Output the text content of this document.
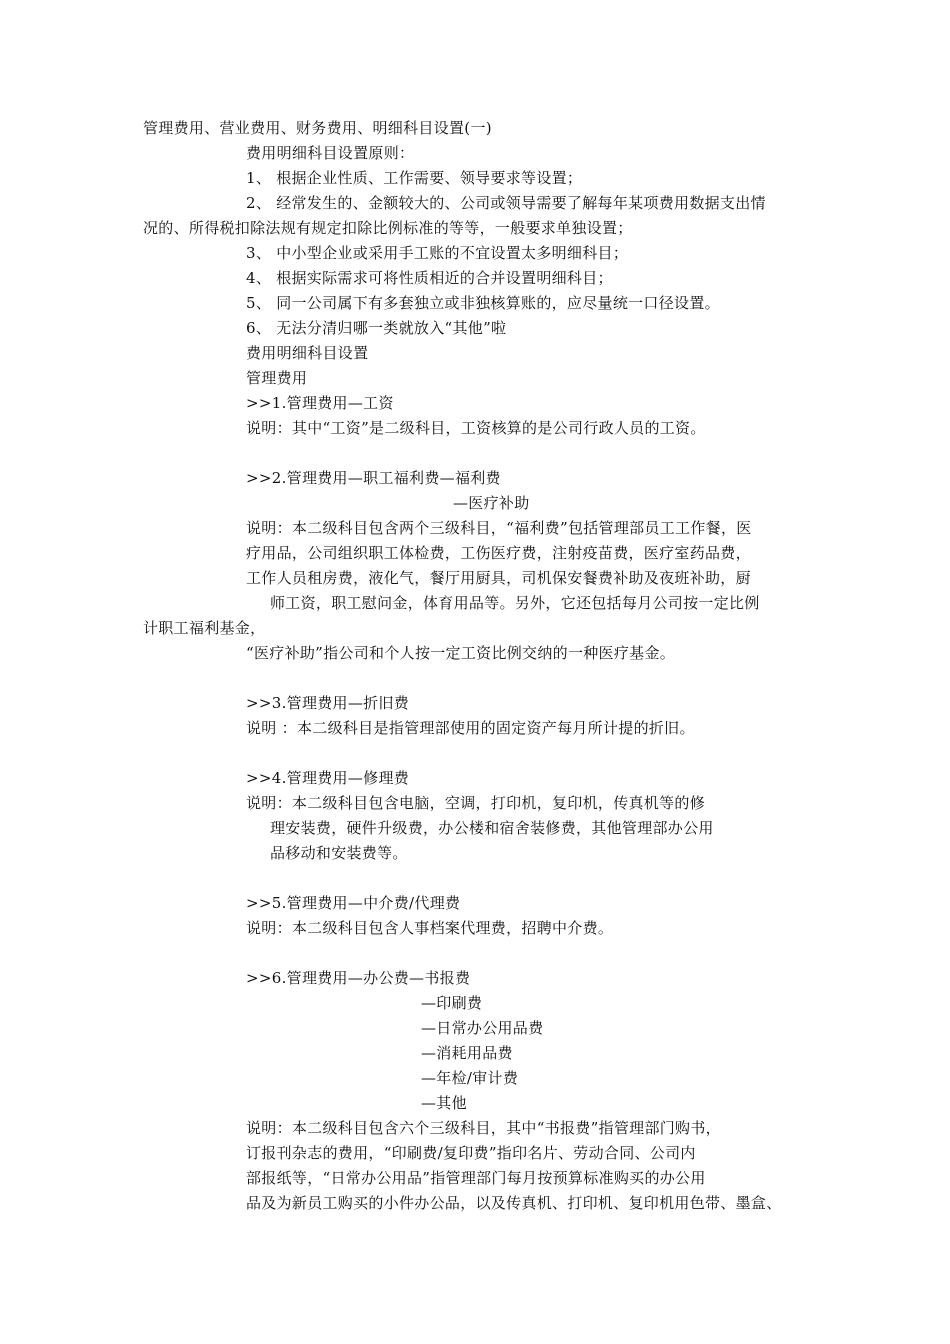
管理费用、营业费用、财务费用、明细科目设置(一)
费用明细科目设置原则：
1、 根据企业性质、工作需要、领导要求等设置；
2、 经常发生的、金额较大的、公司或领导需要了解每年某项费用数据支出情
况的、所得税扣除法规有规定扣除比例标准的等等，一般要求单独设置；
3、 中小型企业或采用手工账的不宜设置太多明细科目；
4、 根据实际需求可将性质相近的合并设置明细科目；
5、 同一公司属下有多套独立或非独核算账的，应尽量统一口径设置。
6、 无法分清归哪一类就放入“其他”啦
费用明细科目设置
管理费用
>>1.管理费用—工资
说明：其中“工资”是二级科目，工资核算的是公司行政人员的工资。
>>2.管理费用—职工福利费—福利费
—医疗补助
说明：本二级科目包含两个三级科目，“福利费”包括管理部员工工作餐，医
疗用品，公司组织职工体检费，工伤医疗费，注射疫苗费，医疗室药品费，
工作人员租房费，液化气，餐厅用厨具，司机保安餐费补助及夜班补助，厨
师工资，职工慰问金，体育用品等。另外，它还包括每月公司按一定比例
计职工福利基金，
“医疗补助”指公司和个人按一定工资比例交纳的一种医疗基金。
>>3.管理费用—折旧费
说明 ：本二级科目是指管理部使用的固定资产每月所计提的折旧。
>>4.管理费用—修理费
说明：本二级科目包含电脑，空调，打印机，复印机，传真机等的修
理安装费，硬件升级费，办公楼和宿舍装修费，其他管理部办公用
品移动和安装费等。
>>5.管理费用—中介费/代理费
说明：本二级科目包含人事档案代理费，招聘中介费。
>>6.管理费用—办公费—书报费
—印刷费
—日常办公用品费
—消耗用品费
—年检/审计费
—其他
说明：本二级科目包含六个三级科目，其中“书报费”指管理部门购书，
订报刊杂志的费用，“印刷费/复印费”指印名片、劳动合同、公司内
部报纸等，“日常办公用品”指管理部门每月按预算标准购买的办公用
品及为新员工购买的小件办公品，以及传真机、打印机、复印机用色带、墨盒、
